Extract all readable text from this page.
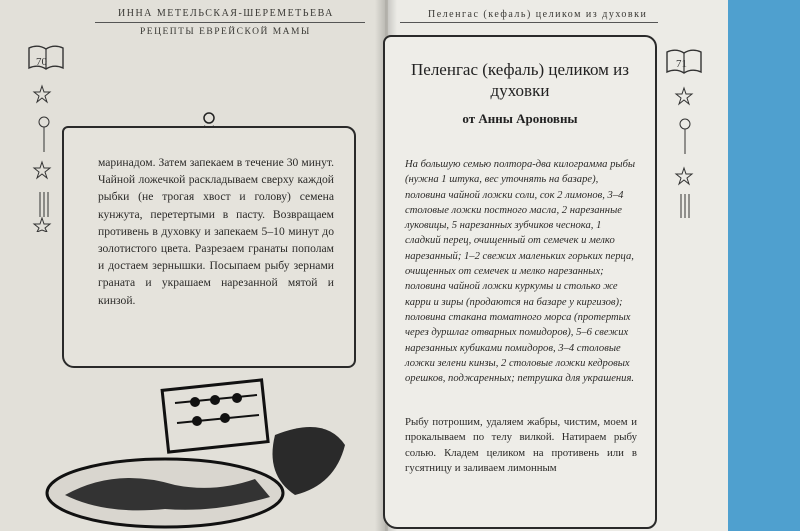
ИННА МЕТЕЛЬСКАЯ-ШЕРЕМЕТЬЕВА
РЕЦЕПТЫ ЕВРЕЙСКОЙ МАМЫ
70

маринадом. Затем запекаем в течение 30 минут. Чайной ложечкой раскладываем сверху каждой рыбки (не трогая хвост и голову) семена кунжута, перетертыми в пасту. Возвращаем противень в духовку и запекаем 5–10 минут до золотистого цвета. Разрезаем гранаты пополам и достаем зернышки. Посыпаем рыбу зернами граната и украшаем нарезанной мятой и кинзой.

Пеленгас (кефаль) целиком из духовки
71
Пеленгас (кефаль) целиком из духовки
от Анны Ароновны

На большую семью полтора-два килограмма рыбы (нужна 1 штука, вес уточнять на базаре), половина чайной ложки соли, сок 2 лимонов, 3–4 столовые ложки постного масла, 2 нарезанные луковицы, 5 нарезанных зубчиков чеснока, 1 сладкий перец, очищенный от семечек и мелко нарезанный; 1–2 свежих маленьких горьких перца, очищенных от семечек и мелко нарезанных; половина чайной ложки куркумы и столько же карри и зиры (продаются на базаре у киргизов); половина стакана томатного морса (протертых через дуршлаг отварных помидоров), 5–6 свежих нарезанных кубиками помидоров, 3–4 столовые ложки зелени кинзы, 2 столовые ложки кедровых орешков, поджаренных; петрушка для украшения.

Рыбу потрошим, удаляем жабры, чистим, моем и прокалываем по телу вилкой. Натираем рыбу солью. Кладем целиком на противень или в гусятницу и заливаем лимонным
